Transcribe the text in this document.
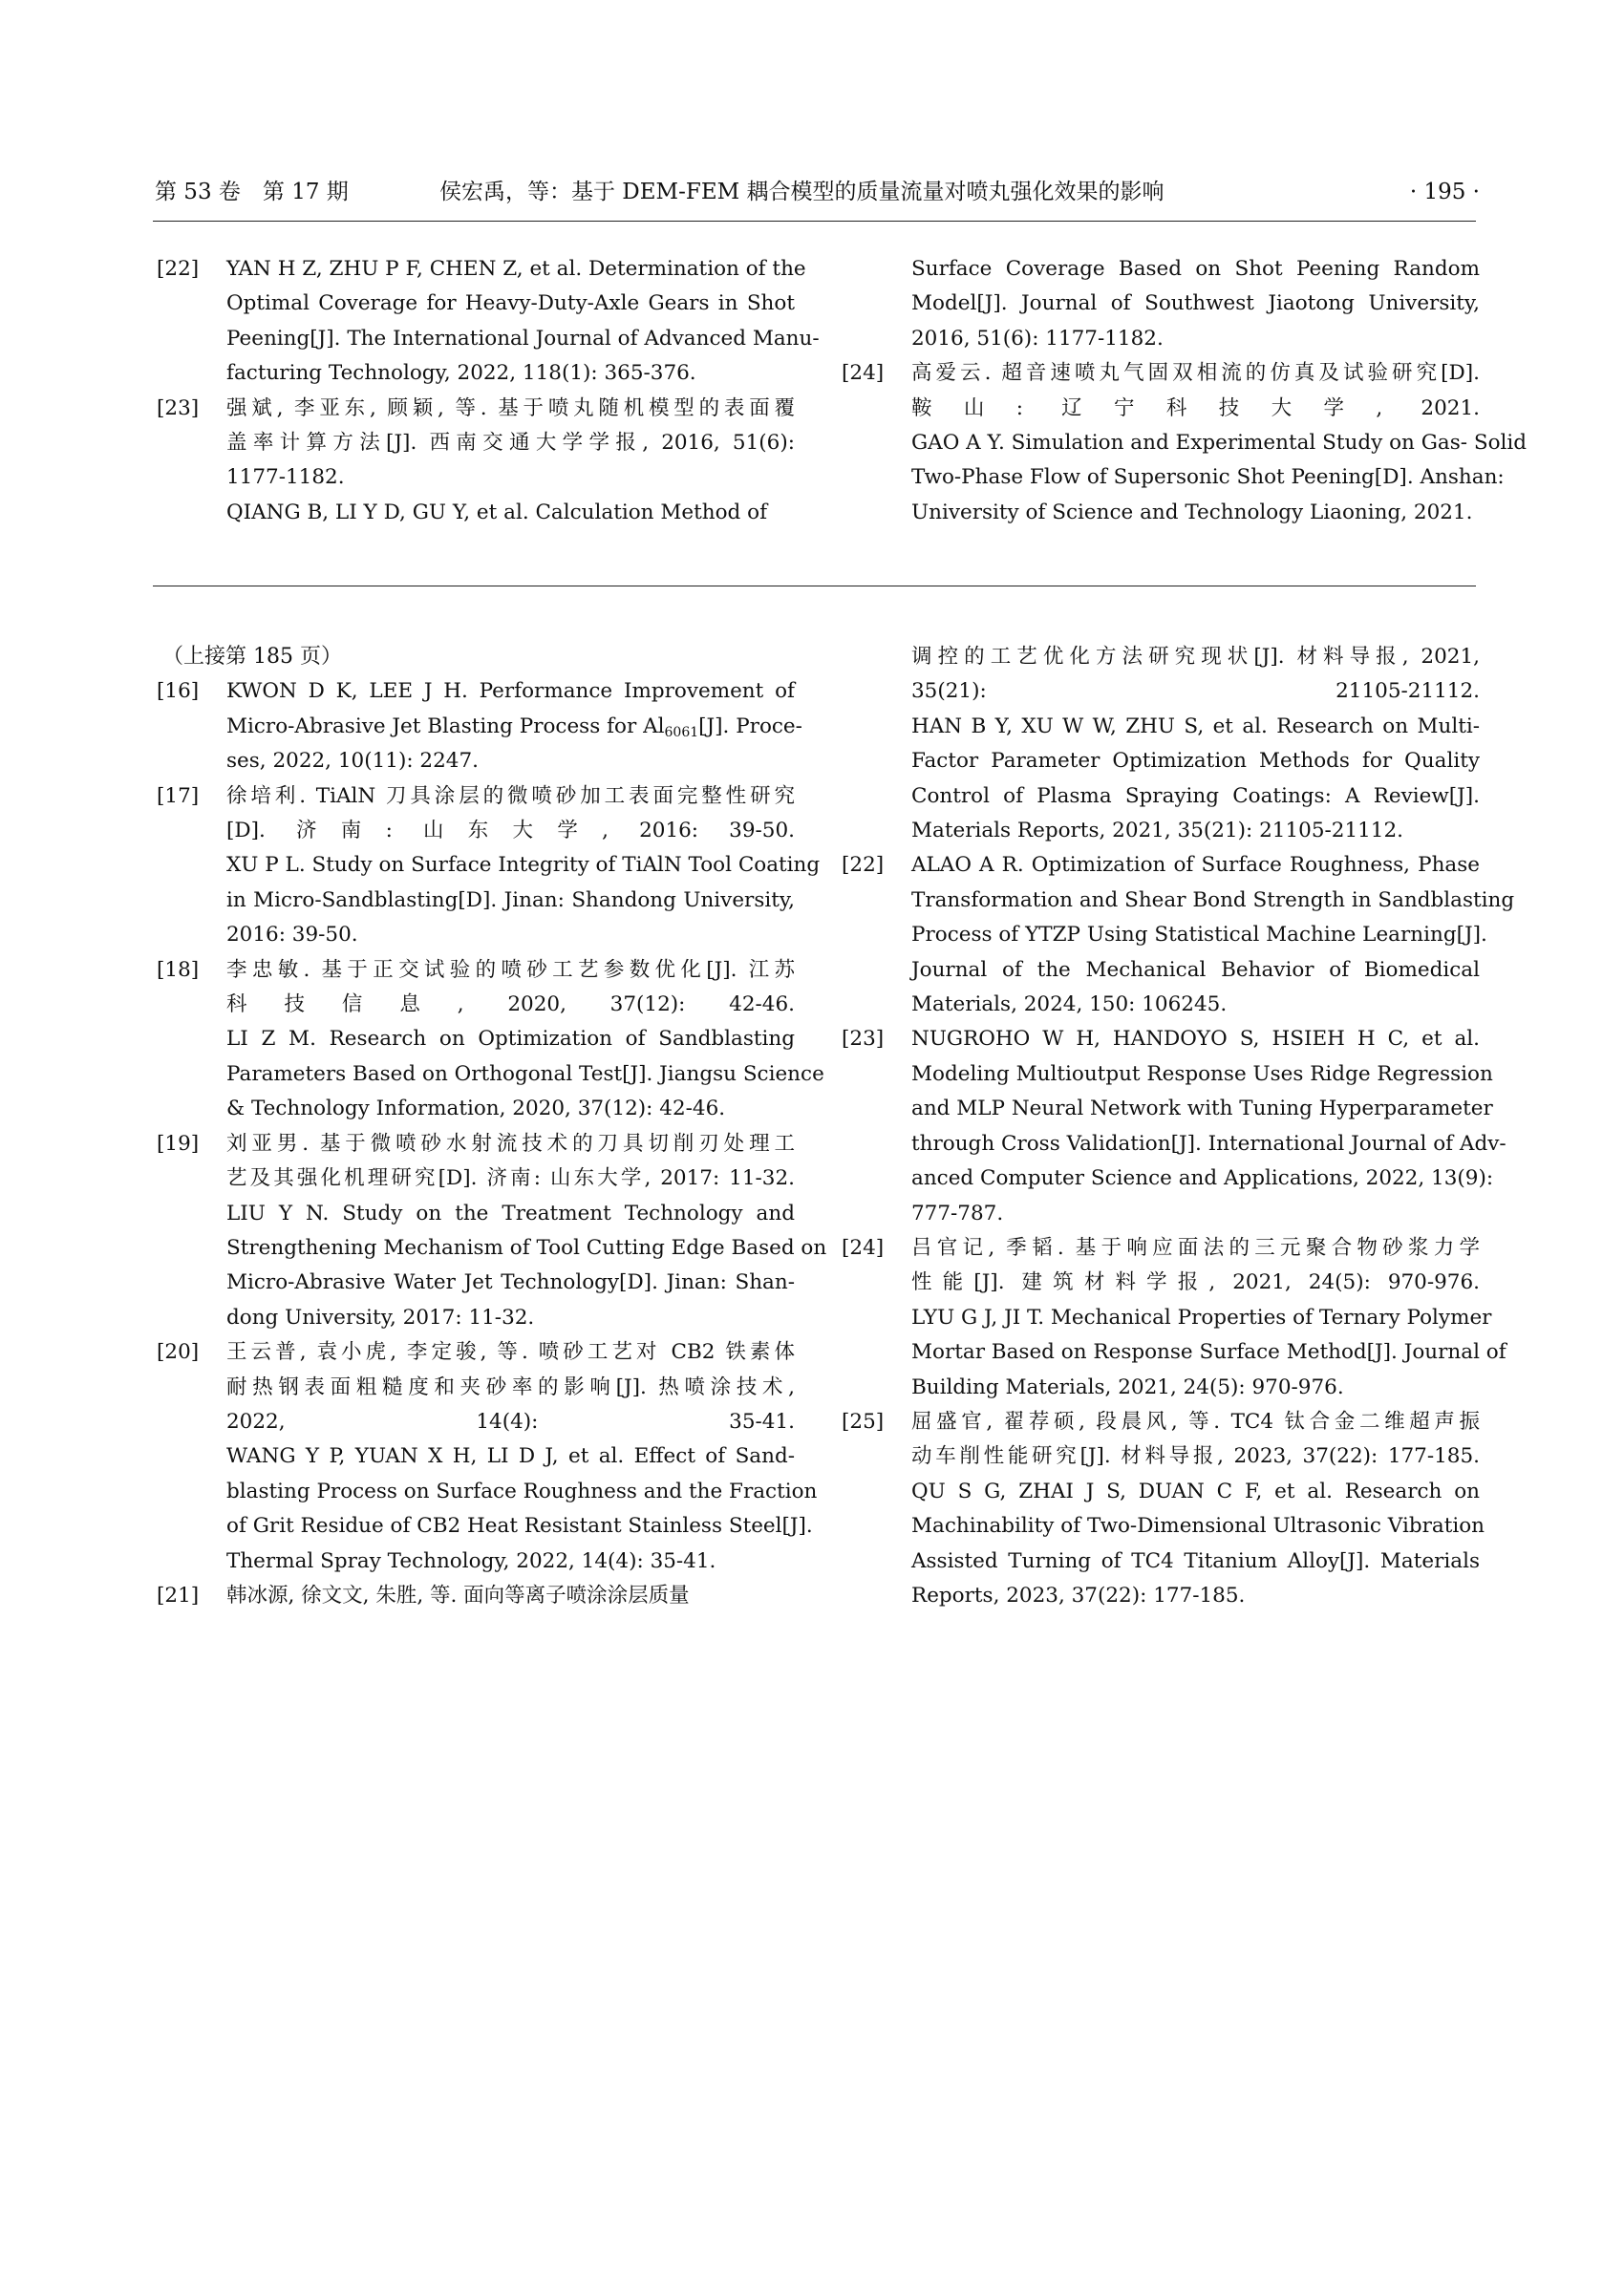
第 53 卷　第 17 期	侯宏禹，等：基于 DEM-FEM 耦合模型的质量流量对喷丸强化效果的影响	· 195 ·
[22] YAN H Z, ZHU P F, CHEN Z, et al. Determination of the
Optimal Coverage for Heavy-Duty-Axle Gears in Shot
Peening[J]. The International Journal of Advanced Manu-
facturing Technology, 2022, 118(1): 365-376.
[23] 强斌, 李亚东, 顾颖, 等. 基于喷丸随机模型的表面覆
盖率计算方法[J]. 西南交通大学学报, 2016, 51(6):
1177-1182.
QIANG B, LI Y D, GU Y, et al. Calculation Method of
Surface Coverage Based on Shot Peening Random
Model[J]. Journal of Southwest Jiaotong University,
2016, 51(6): 1177-1182.
[24] 高爱云. 超音速喷丸气固双相流的仿真及试验研究[D].
鞍山: 辽宁科技大学, 2021.
GAO A Y. Simulation and Experimental Study on Gas- Solid
Two-Phase Flow of Supersonic Shot Peening[D]. Anshan:
University of Science and Technology Liaoning, 2021.
（上接第 185 页）
[16] KWON D K, LEE J H. Performance Improvement of
Micro-Abrasive Jet Blasting Process for $Al_{6061}[J]$. Proce-
ses, 2022, 10(11): 2247.
[17] 徐培利. TiAlN 刀具涂层的微喷砂加工表面完整性研究
[D]. 济南: 山东大学, 2016: 39-50.
XU P L. Study on Surface Integrity of TiAlN Tool Coating
in Micro-Sandblasting[D]. Jinan: Shandong University,
2016: 39-50.
[18] 李忠敏. 基于正交试验的喷砂工艺参数优化[J]. 江苏
科技信息, 2020, 37(12): 42-46.
LI Z M. Research on Optimization of Sandblasting
Parameters Based on Orthogonal Test[J]. Jiangsu Science
& Technology Information, 2020, 37(12): 42-46.
[19] 刘亚男. 基于微喷砂水射流技术的刀具切削刃处理工
艺及其强化机理研究[D]. 济南: 山东大学, 2017: 11-32.
LIU Y N. Study on the Treatment Technology and
Strengthening Mechanism of Tool Cutting Edge Based on
Micro-Abrasive Water Jet Technology[D]. Jinan: Shan-
dong University, 2017: 11-32.
[20] 王云普, 袁小虎, 李定骏, 等. 喷砂工艺对 CB2 铁素体
耐热钢表面粗糙度和夹砂率的影响[J]. 热喷涂技术,
2022, 14(4): 35-41.
WANG Y P, YUAN X H, LI D J, et al. Effect of Sand-
blasting Process on Surface Roughness and the Fraction
of Grit Residue of CB2 Heat Resistant Stainless Steel[J].
Thermal Spray Technology, 2022, 14(4): 35-41.
[21] 韩冰源, 徐文文, 朱胜, 等. 面向等离子喷涂涂层质量
调控的工艺优化方法研究现状[J]. 材料导报, 2021,
35(21): 21105-21112.
HAN B Y, XU W W, ZHU S, et al. Research on Multi-
Factor Parameter Optimization Methods for Quality
Control of Plasma Spraying Coatings: A Review[J].
Materials Reports, 2021, 35(21): 21105-21112.
[22] ALAO A R. Optimization of Surface Roughness, Phase
Transformation and Shear Bond Strength in Sandblasting
Process of YTZP Using Statistical Machine Learning[J].
Journal of the Mechanical Behavior of Biomedical
Materials, 2024, 150: 106245.
[23] NUGROHO W H, HANDOYO S, HSIEH H C, et al.
Modeling Multioutput Response Uses Ridge Regression
and MLP Neural Network with Tuning Hyperparameter
through Cross Validation[J]. International Journal of Adv-
anced Computer Science and Applications, 2022, 13(9):
777-787.
[24] 吕官记, 季韬. 基于响应面法的三元聚合物砂浆力学
性能[J]. 建筑材料学报, 2021, 24(5): 970-976.
LYU G J, JI T. Mechanical Properties of Ternary Polymer
Mortar Based on Response Surface Method[J]. Journal of
Building Materials, 2021, 24(5): 970-976.
[25] 屈盛官, 翟荐硕, 段晨风, 等. TC4 钛合金二维超声振
动车削性能研究[J]. 材料导报, 2023, 37(22): 177-185.
QU S G, ZHAI J S, DUAN C F, et al. Research on
Machinability of Two-Dimensional Ultrasonic Vibration
Assisted Turning of TC4 Titanium Alloy[J]. Materials
Reports, 2023, 37(22): 177-185.
